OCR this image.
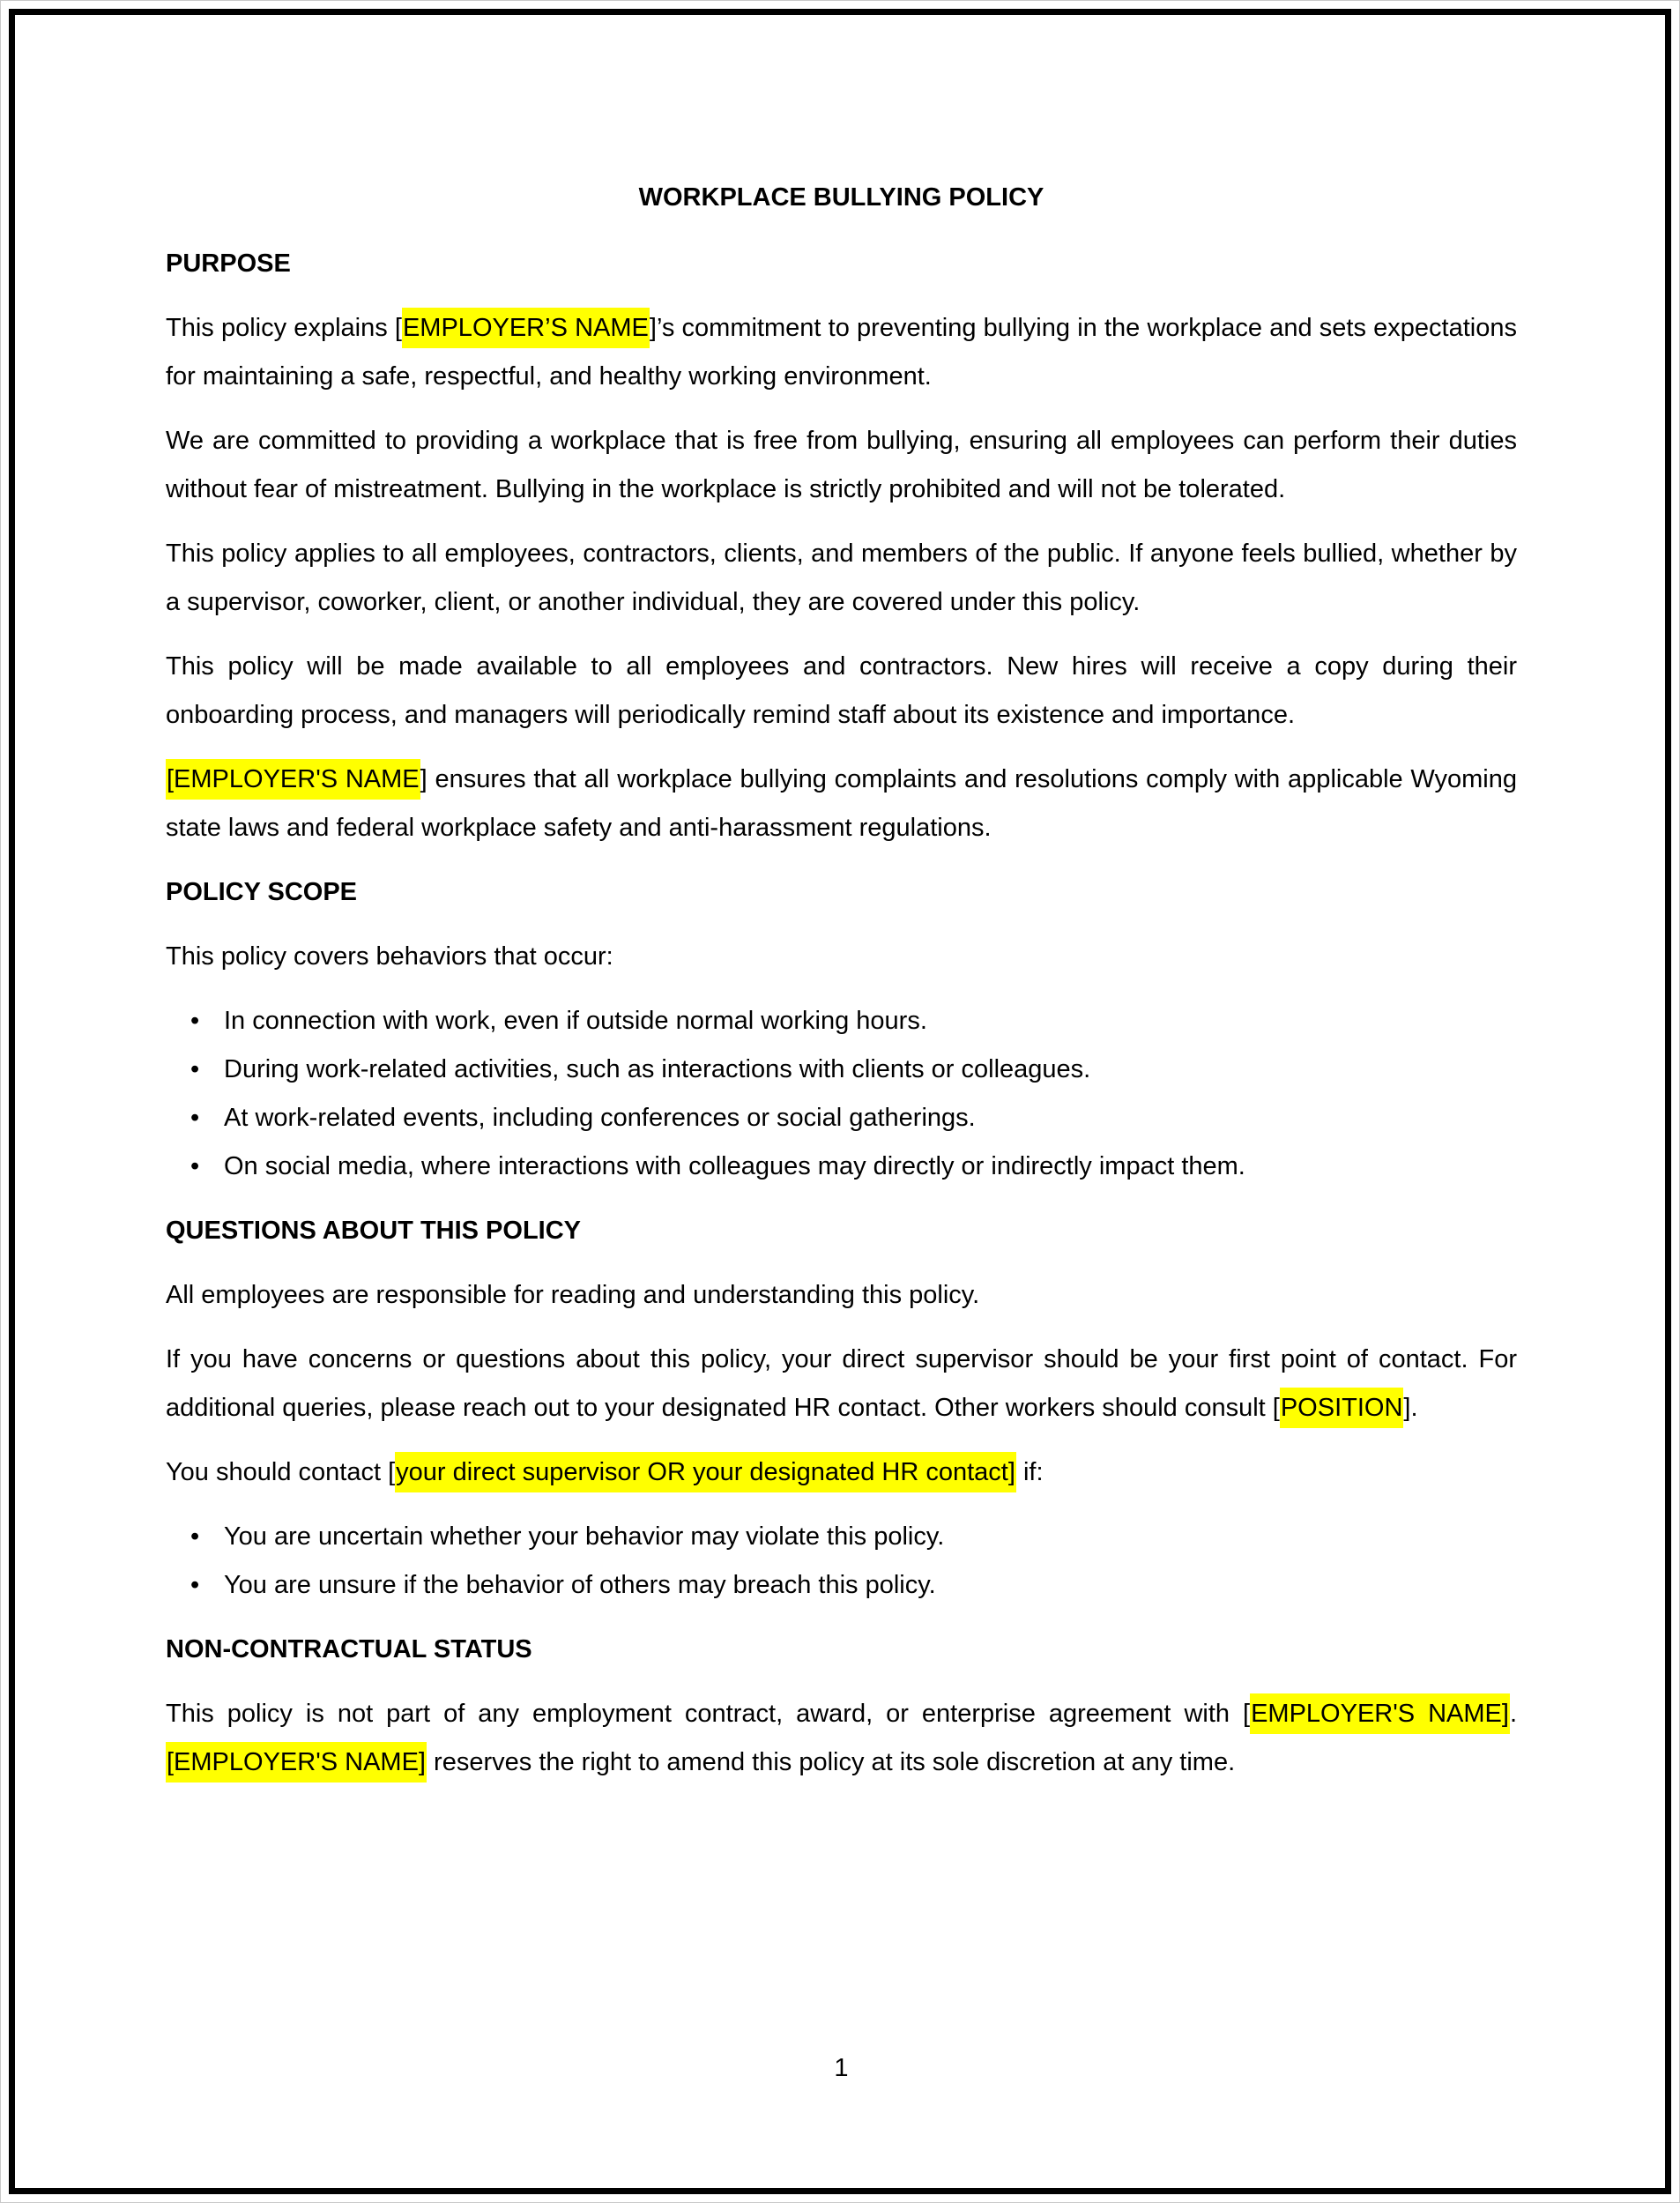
WORKPLACE BULLYING POLICY
PURPOSE

This policy explains [EMPLOYER’S NAME]’s commitment to preventing bullying in the workplace and sets expectations for maintaining a safe, respectful, and healthy working environment.

We are committed to providing a workplace that is free from bullying, ensuring all employees can perform their duties without fear of mistreatment. Bullying in the workplace is strictly prohibited and will not be tolerated.

This policy applies to all employees, contractors, clients, and members of the public. If anyone feels bullied, whether by a supervisor, coworker, client, or another individual, they are covered under this policy.

This policy will be made available to all employees and contractors. New hires will receive a copy during their onboarding process, and managers will periodically remind staff about its existence and importance.

[EMPLOYER'S NAME] ensures that all workplace bullying complaints and resolutions comply with applicable Wyoming state laws and federal workplace safety and anti-harassment regulations.

POLICY SCOPE

This policy covers behaviors that occur:

• In connection with work, even if outside normal working hours.
• During work-related activities, such as interactions with clients or colleagues.
• At work-related events, including conferences or social gatherings.
• On social media, where interactions with colleagues may directly or indirectly impact them.
QUESTIONS ABOUT THIS POLICY

All employees are responsible for reading and understanding this policy.

If you have concerns or questions about this policy, your direct supervisor should be your first point of contact. For additional queries, please reach out to your designated HR contact. Other workers should consult [POSITION].

You should contact [your direct supervisor OR your designated HR contact] if:

• You are uncertain whether your behavior may violate this policy.
• You are unsure if the behavior of others may breach this policy.
NON-CONTRACTUAL STATUS

This policy is not part of any employment contract, award, or enterprise agreement with [EMPLOYER'S NAME]. [EMPLOYER'S NAME] reserves the right to amend this policy at its sole discretion at any time.

1
